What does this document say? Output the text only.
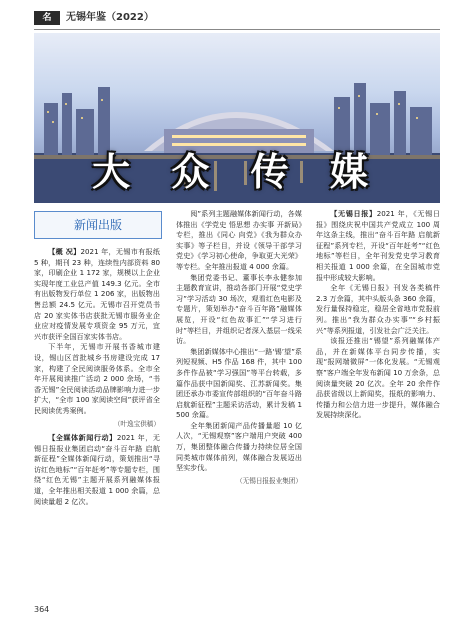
名	无锡年鉴（2022）
大 众 传 媒
新闻出版

【概 况】2021 年，无锡市有报纸 5 种，期刊 23 种，连续性内部资料 80 家，印刷企业 1 172 家，规模以上企业实现年度工业总产值 149.3 亿元。全市有出版物发行单位 1 206 家，出版物出售总额 24.5 亿元。无锡市召开党员书店 20 家实体书店获批无锡市服务业企业应对疫情发展专项资金 95 万元，宜兴市获评全国百家实体书店。

下半年，无锡市开展书香城市建设，锡山区首批城乡书房建设完成 17 家，构建了全民阅读服务体系。全市全年开展阅读推广活动 2 000 余场，“书香无锡”全民阅读活动品牌影响力进一步扩大，“全市 100 家阅读空间”获评省全民阅读优秀案例。

（叶逸宝供稿）

【全媒体新闻行动】2021 年，无锡日报报业集团启动“奋斗百年路 启航新征程”全媒体新闻行动，策划推出“寻访红色地标”“百年赶考”等专题专栏，围绕“红色无锡”主题开展系列融媒体报道，全年推出相关报道 1 000 余篇，总阅读量超 2 亿次。

阅”系列主题融媒体新闻行动，各媒体推出《学党史 悟思想 办实事 开新局》专栏，推出《同心 向党》《我为群众办实事》等子栏目，并设《领导干部学习党史》《学习初心使命，争取更大光荣》等专栏。全年推出报道 4 000 余篇。

集团党委书记、董事长李永健参加主题教育宣讲，推动各部门开展“党史学习”学习活动 30 场次，观看红色电影及专题片，策划举办“奋斗百年路”融媒体展览，开设“红色故事汇”“学习进行时”等栏目，并组织记者深入基层一线采访。

集团新媒体中心推出“一路‘锡’望”系列短视频、H5 作品 168 件，其中 100 多件作品被“学习强国”等平台转载，多篇作品获中国新闻奖、江苏新闻奖。集团还承办市委宣传部组织的“百年奋斗路 启航新征程”主题采访活动，累计发稿 1 500 余篇。

全年集团新闻产品传播量超 10 亿人次，“无锡观察”客户端用户突破 400 万，集团整体融合传播力持续位居全国同类城市媒体前列，媒体融合发展迈出坚实步伐。

（无锡日报报业集团）

【无锡日报】2021 年，《无锡日报》围绕庆祝中国共产党成立 100 周年这条主线，推出“奋斗百年路 启航新征程”系列专栏，开设“百年赶考”“红色地标”等栏目，全年刊发党史学习教育相关报道 1 000 余篇，在全国城市党报中形成较大影响。

全年《无锡日报》刊发各类稿件 2.3 万余篇，其中头版头条 360 余篇，发行量保持稳定，稳居全省地市党报前列。推出“我为群众办实事”“乡村振兴”等系列报道，引发社会广泛关注。

该报还推出“锡望”系列融媒体产品，并在新媒体平台同步传播，实现“报网端微屏”一体化发展。“无锡观察”客户端全年发布新闻 10 万余条，总阅读量突破 20 亿次。全年 20 余件作品获省级以上新闻奖，报纸的影响力、传播力和公信力进一步提升，媒体融合发展持续深化。

364
